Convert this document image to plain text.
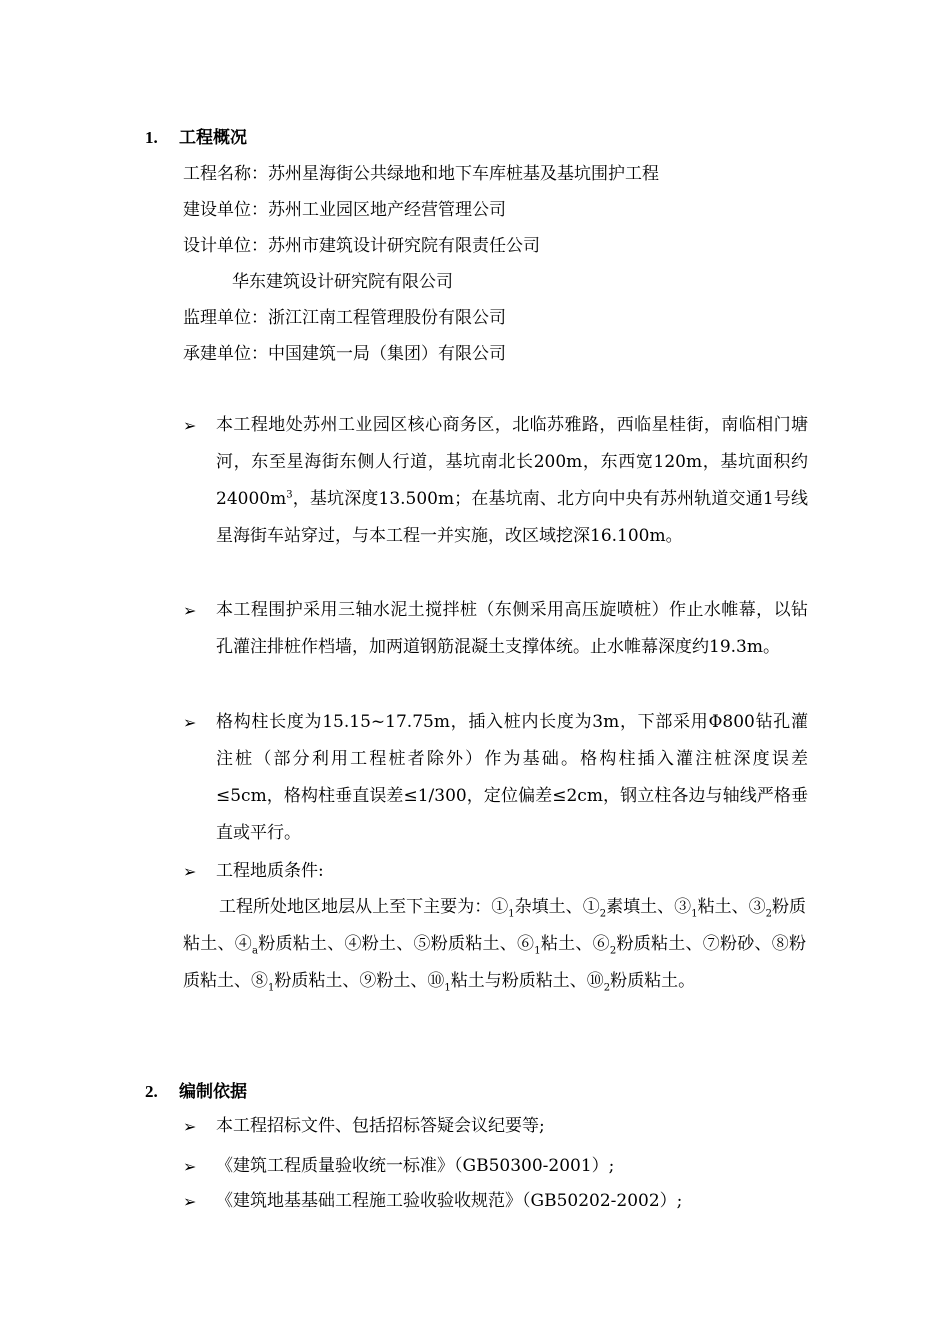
1. 工程概况
工程名称：苏州星海街公共绿地和地下车库桩基及基坑围护工程
建设单位：苏州工业园区地产经营管理公司
设计单位：苏州市建筑设计研究院有限责任公司
华东建筑设计研究院有限公司
监理单位：浙江江南工程管理股份有限公司
承建单位：中国建筑一局（集团）有限公司
➢	本工程地处苏州工业园区核心商务区，北临苏雅路，西临星桂街，南临相门塘河，东至星海街东侧人行道，基坑南北长200m，东西宽120m，基坑面积约$24000m^3$，基坑深度13.500m；在基坑南、北方向中央有苏州轨道交通1号线星海街车站穿过，与本工程一并实施，改区域挖深16.100m。
➢	本工程围护采用三轴水泥土搅拌桩（东侧采用高压旋喷桩）作止水帷幕，以钻孔灌注排桩作档墙，加两道钢筋混凝土支撑体统。止水帷幕深度约19.3m。
➢	格构柱长度为15.15~17.75m，插入桩内长度为3m，下部采用Φ800钻孔灌注桩（部分利用工程桩者除外）作为基础。格构柱插入灌注桩深度误差≤5cm，格构柱垂直误差≤1/300，定位偏差≤2cm，钢立柱各边与轴线严格垂直或平行。
➢	工程地质条件:
工程所处地区地层从上至下主要为：$①_1$杂填土、$①_2$素填土、$③_1$粘土、$③_2$粉质粘土、$④_a$粉质粘土、④粉土、⑤粉质粘土、$⑥_1$粘土、$⑥_2$粉质粘土、⑦粉砂、⑧粉质粘土、$⑧_1$粉质粘土、⑨粉土、$⑩_1$粘土与粉质粘土、$⑩_2$粉质粘土。
2. 编制依据
➢	本工程招标文件、包括招标答疑会议纪要等;
➢	《建筑工程质量验收统一标准》（GB50300-2001）;
➢	《建筑地基基础工程施工验收验收规范》（GB50202-2002）;
